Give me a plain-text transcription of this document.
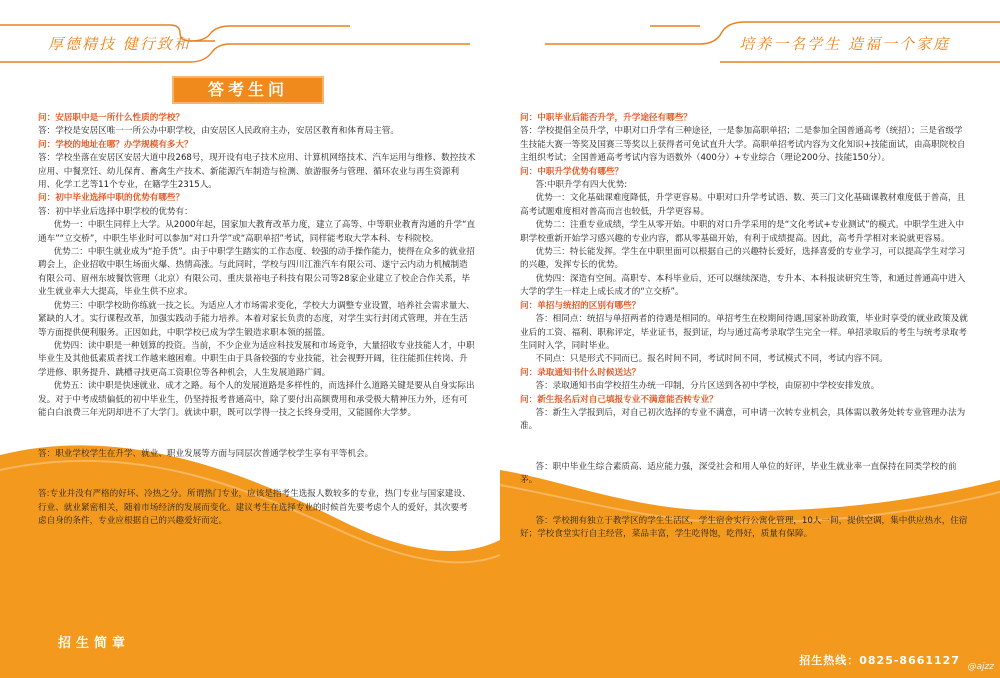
厚德精技 健行致和
答考生问

问：安居职中是一所什么性质的学校？

答：学校是安居区唯一一所公办中职学校，由安居区人民政府主办，安居区教育和体育局主管。

问：学校的地址在哪？办学规模有多大？

答：学校坐落在安居区安居大道中段268号，现开设有电子技术应用、计算机网络技术、汽车运用与维修、数控技术应用、中餐烹饪、幼儿保育、畜禽生产技术、新能源汽车制造与检测、旅游服务与管理、循环农业与再生资源利用、化学工艺等11个专业，在籍学生2315人。

问：初中毕业选择中职的优势有哪些？

答：初中毕业后选择中职学校的优势有：

优势一：中职生同样上大学。从2000年起，国家加大教育改革力度，建立了高等、中等职业教育沟通的升学“直通车”“立交桥”，中职生毕业时可以参加“对口升学”或“高职单招”考试，同样能考取大学本科、专科院校。

优势二：中职生就业成为“抢手货”。由于中职学生踏实的工作态度、较强的动手操作能力，使得在众多的就业招聘会上，企业招收中职生场面火爆、热情高涨。与此同时，学校与四川江淮汽车有限公司、遂宁云内动力机械制造有限公司、眉州东坡餐饮管理（北京）有限公司、重庆景裕电子科技有限公司等28家企业建立了校企合作关系，毕业生就业率大大提高，毕业生供不应求。

优势三：中职学校助你练就一技之长。为适应人才市场需求变化，学校大力调整专业设置，培养社会需求量大、紧缺的人才。实行课程改革，加强实践动手能力培养。本着对家长负责的态度，对学生实行封闭式管理，并在生活等方面提供便利服务。正因如此，中职学校已成为学生锻造求职本领的摇篮。

优势四：读中职是一种划算的投资。当前，不少企业为适应科技发展和市场竞争，大量招收专业技能人才，中职毕业生及其他低素质者找工作越来越困难。中职生由于具备较强的专业技能，社会视野开阔，往往能抓住转岗、升学进修、职务提升、跳槽寻找更高工资职位等各种机会，人生发展道路广阔。

优势五：读中职是快速就业、成才之路。每个人的发展道路是多样性的，而选择什么道路关键是要从自身实际出发。对于中考成绩偏低的初中毕业生，仍坚持报考普通高中，除了要付出高额费用和承受极大精神压力外，还有可能白白浪费三年光阴却进不了大学门。就读中职，既可以学得一技之长终身受用，又能圆你大学梦。

答：职业学校学生在升学、就业、职业发展等方面与同层次普通学校学生享有平等机会。

答:专业并没有严格的好坏、冷热之分。所谓热门专业，应该是指考生选报人数较多的专业，热门专业与国家建设、行业、就业紧密相关，随着市场经济的发展而变化。建议考生在选择专业的时候首先要考虑个人的爱好，其次要考虑自身的条件，专业应根据自己的兴趣爱好而定。

招生简章
培养一名学生 造福一个家庭

问：中职毕业后能否升学，升学途径有哪些？

答：学校提倡全员升学，中职对口升学有三种途径，一是参加高职单招；二是参加全国普通高考（统招）；三是省级学生技能大赛一等奖及国赛三等奖以上获得者可免试直升大学。高职单招考试内容为文化知识+技能面试，由高职院校自主组织考试；全国普通高考考试内容为语数外（400分）+专业综合（理论200分、技能150分）。

问：中职升学优势有哪些？

答:中职升学有四大优势:

优势一：文化基础课难度降低，升学更容易。中职对口升学考试语、数、英三门文化基础课教材难度低于普高，且高考试题难度相对普高而言也较低，升学更容易。

优势二：注重专业成绩，学生从零开始。中职的对口升学采用的是“文化考试+专业测试”的模式。中职学生进入中职学校重新开始学习感兴趣的专业内容，都从零基础开始，有利于成绩提高。因此，高考升学相对来说就更容易。

优势三：特长能发挥。学生在中职里面可以根据自己的兴趣特长爱好，选择喜爱的专业学习，可以提高学生对学习的兴趣，发挥专长的优势。

优势四：深造有空间。高职专、本科毕业后，还可以继续深造，专升本、本科报读研究生等，和通过普通高中进入大学的学生一样走上成长成才的“立交桥”。

问：单招与统招的区别有哪些？

答：相同点：统招与单招两者的待遇是相同的。单招考生在校期间待遇,国家补助政策，毕业时享受的就业政策及就业后的工资、福利、职称评定，毕业证书，报到证，均与通过高考录取学生完全一样。单招录取后的考生与统考录取考生同时入学，同时毕业。

不同点：只是形式不同而已。报名时间不同，考试时间不同，考试模式不同，考试内容不同。

问：录取通知书什么时候送达？

答：录取通知书由学校招生办统一印制，分片区送到各初中学校，由原初中学校安排发放。

问：新生报名后对自己填报专业不满意能否转专业？

答：新生入学报到后，对自己初次选择的专业不满意，可申请一次转专业机会，具体需以教务处转专业管理办法为准。

答：职中毕业生综合素质高、适应能力强，深受社会和用人单位的好评，毕业生就业率一直保持在同类学校的前茅。

答：学校拥有独立于教学区的学生生活区，学生宿舍实行公寓化管理，10人一间，提供空调，集中供应热水，住宿好；学校食堂实行自主经营，菜品丰富，学生吃得饱，吃得好，质量有保障。

招生热线：0825-8661127 @ajzz
